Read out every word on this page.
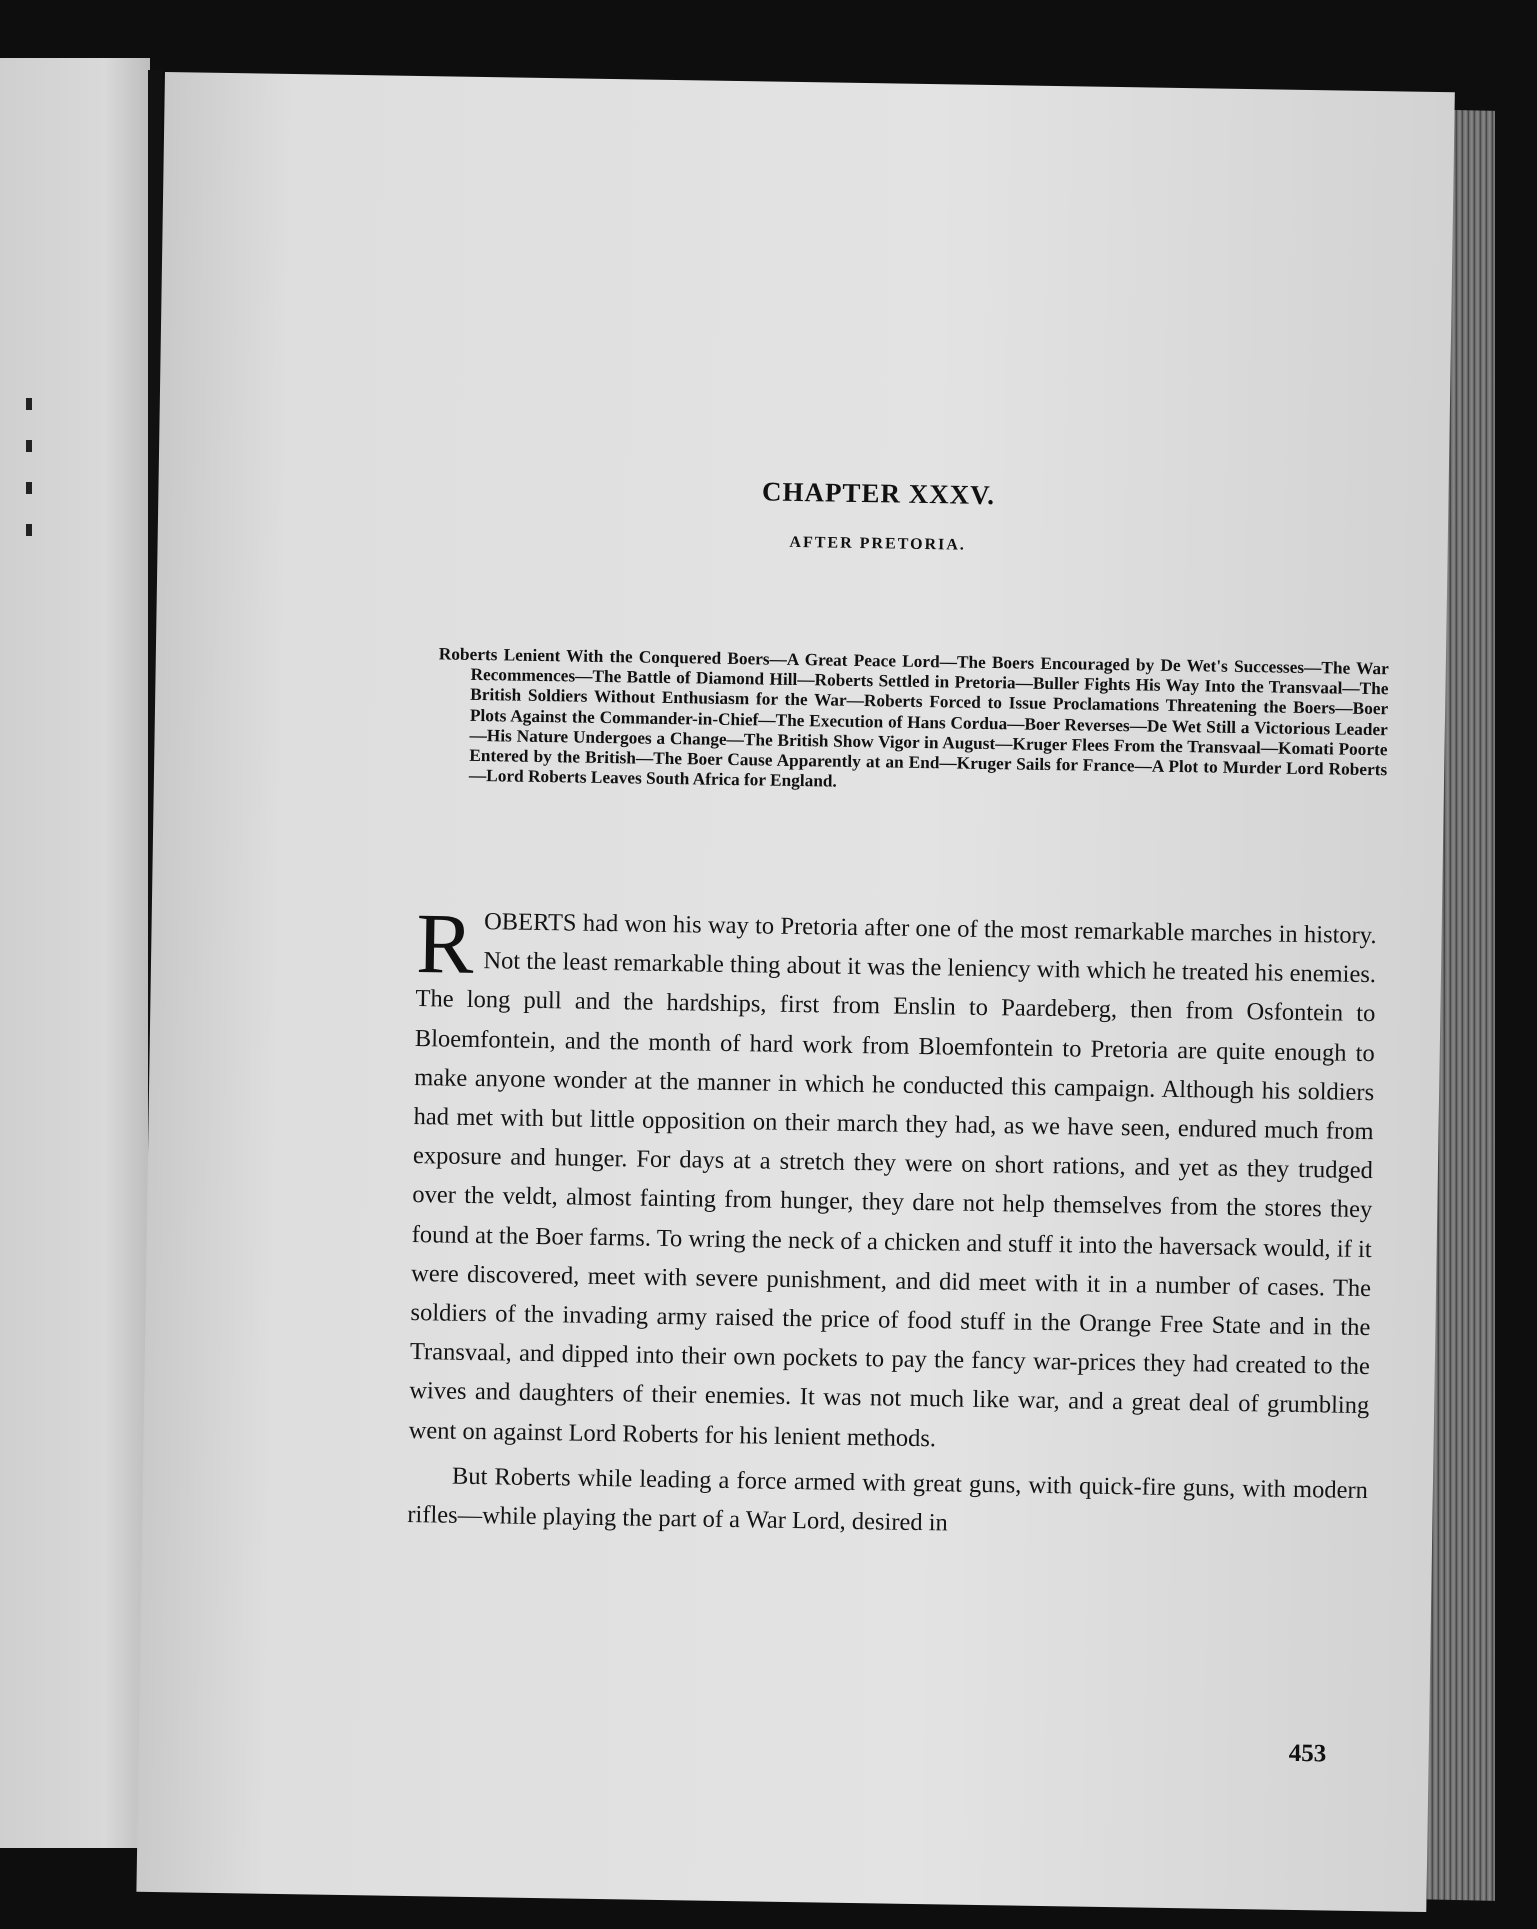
CHAPTER XXXV.
AFTER PRETORIA.
Roberts Lenient With the Conquered Boers—A Great Peace Lord—The Boers Encouraged by De Wet's Successes—The War Recommences—The Battle of Diamond Hill—Roberts Settled in Pretoria—Buller Fights His Way Into the Transvaal—The British Soldiers Without Enthusiasm for the War—Roberts Forced to Issue Proclamations Threatening the Boers—Boer Plots Against the Commander-in-Chief—The Execution of Hans Cordua—Boer Reverses—De Wet Still a Victorious Leader—His Nature Undergoes a Change—The British Show Vigor in August—Kruger Flees From the Transvaal—Komati Poorte Entered by the British—The Boer Cause Apparently at an End—Kruger Sails for France—A Plot to Murder Lord Roberts—Lord Roberts Leaves South Africa for England.

R OBERTS had won his way to Pretoria after one of the most remarkable marches in history. Not the least remarkable thing about it was the leniency with which he treated his enemies. The long pull and the hardships, first from Enslin to Paardeberg, then from Osfontein to Bloemfontein, and the month of hard work from Bloemfontein to Pretoria are quite enough to make anyone wonder at the manner in which he conducted this campaign. Although his soldiers had met with but little opposition on their march they had, as we have seen, endured much from exposure and hunger. For days at a stretch they were on short rations, and yet as they trudged over the veldt, almost fainting from hunger, they dare not help themselves from the stores they found at the Boer farms. To wring the neck of a chicken and stuff it into the haversack would, if it were discovered, meet with severe punishment, and did meet with it in a number of cases. The soldiers of the invading army raised the price of food stuff in the Orange Free State and in the Transvaal, and dipped into their own pockets to pay the fancy war-prices they had created to the wives and daughters of their enemies. It was not much like war, and a great deal of grumbling went on against Lord Roberts for his lenient methods.

But Roberts while leading a force armed with great guns, with quick-fire guns, with modern rifles—while playing the part of a War Lord, desired in

453
